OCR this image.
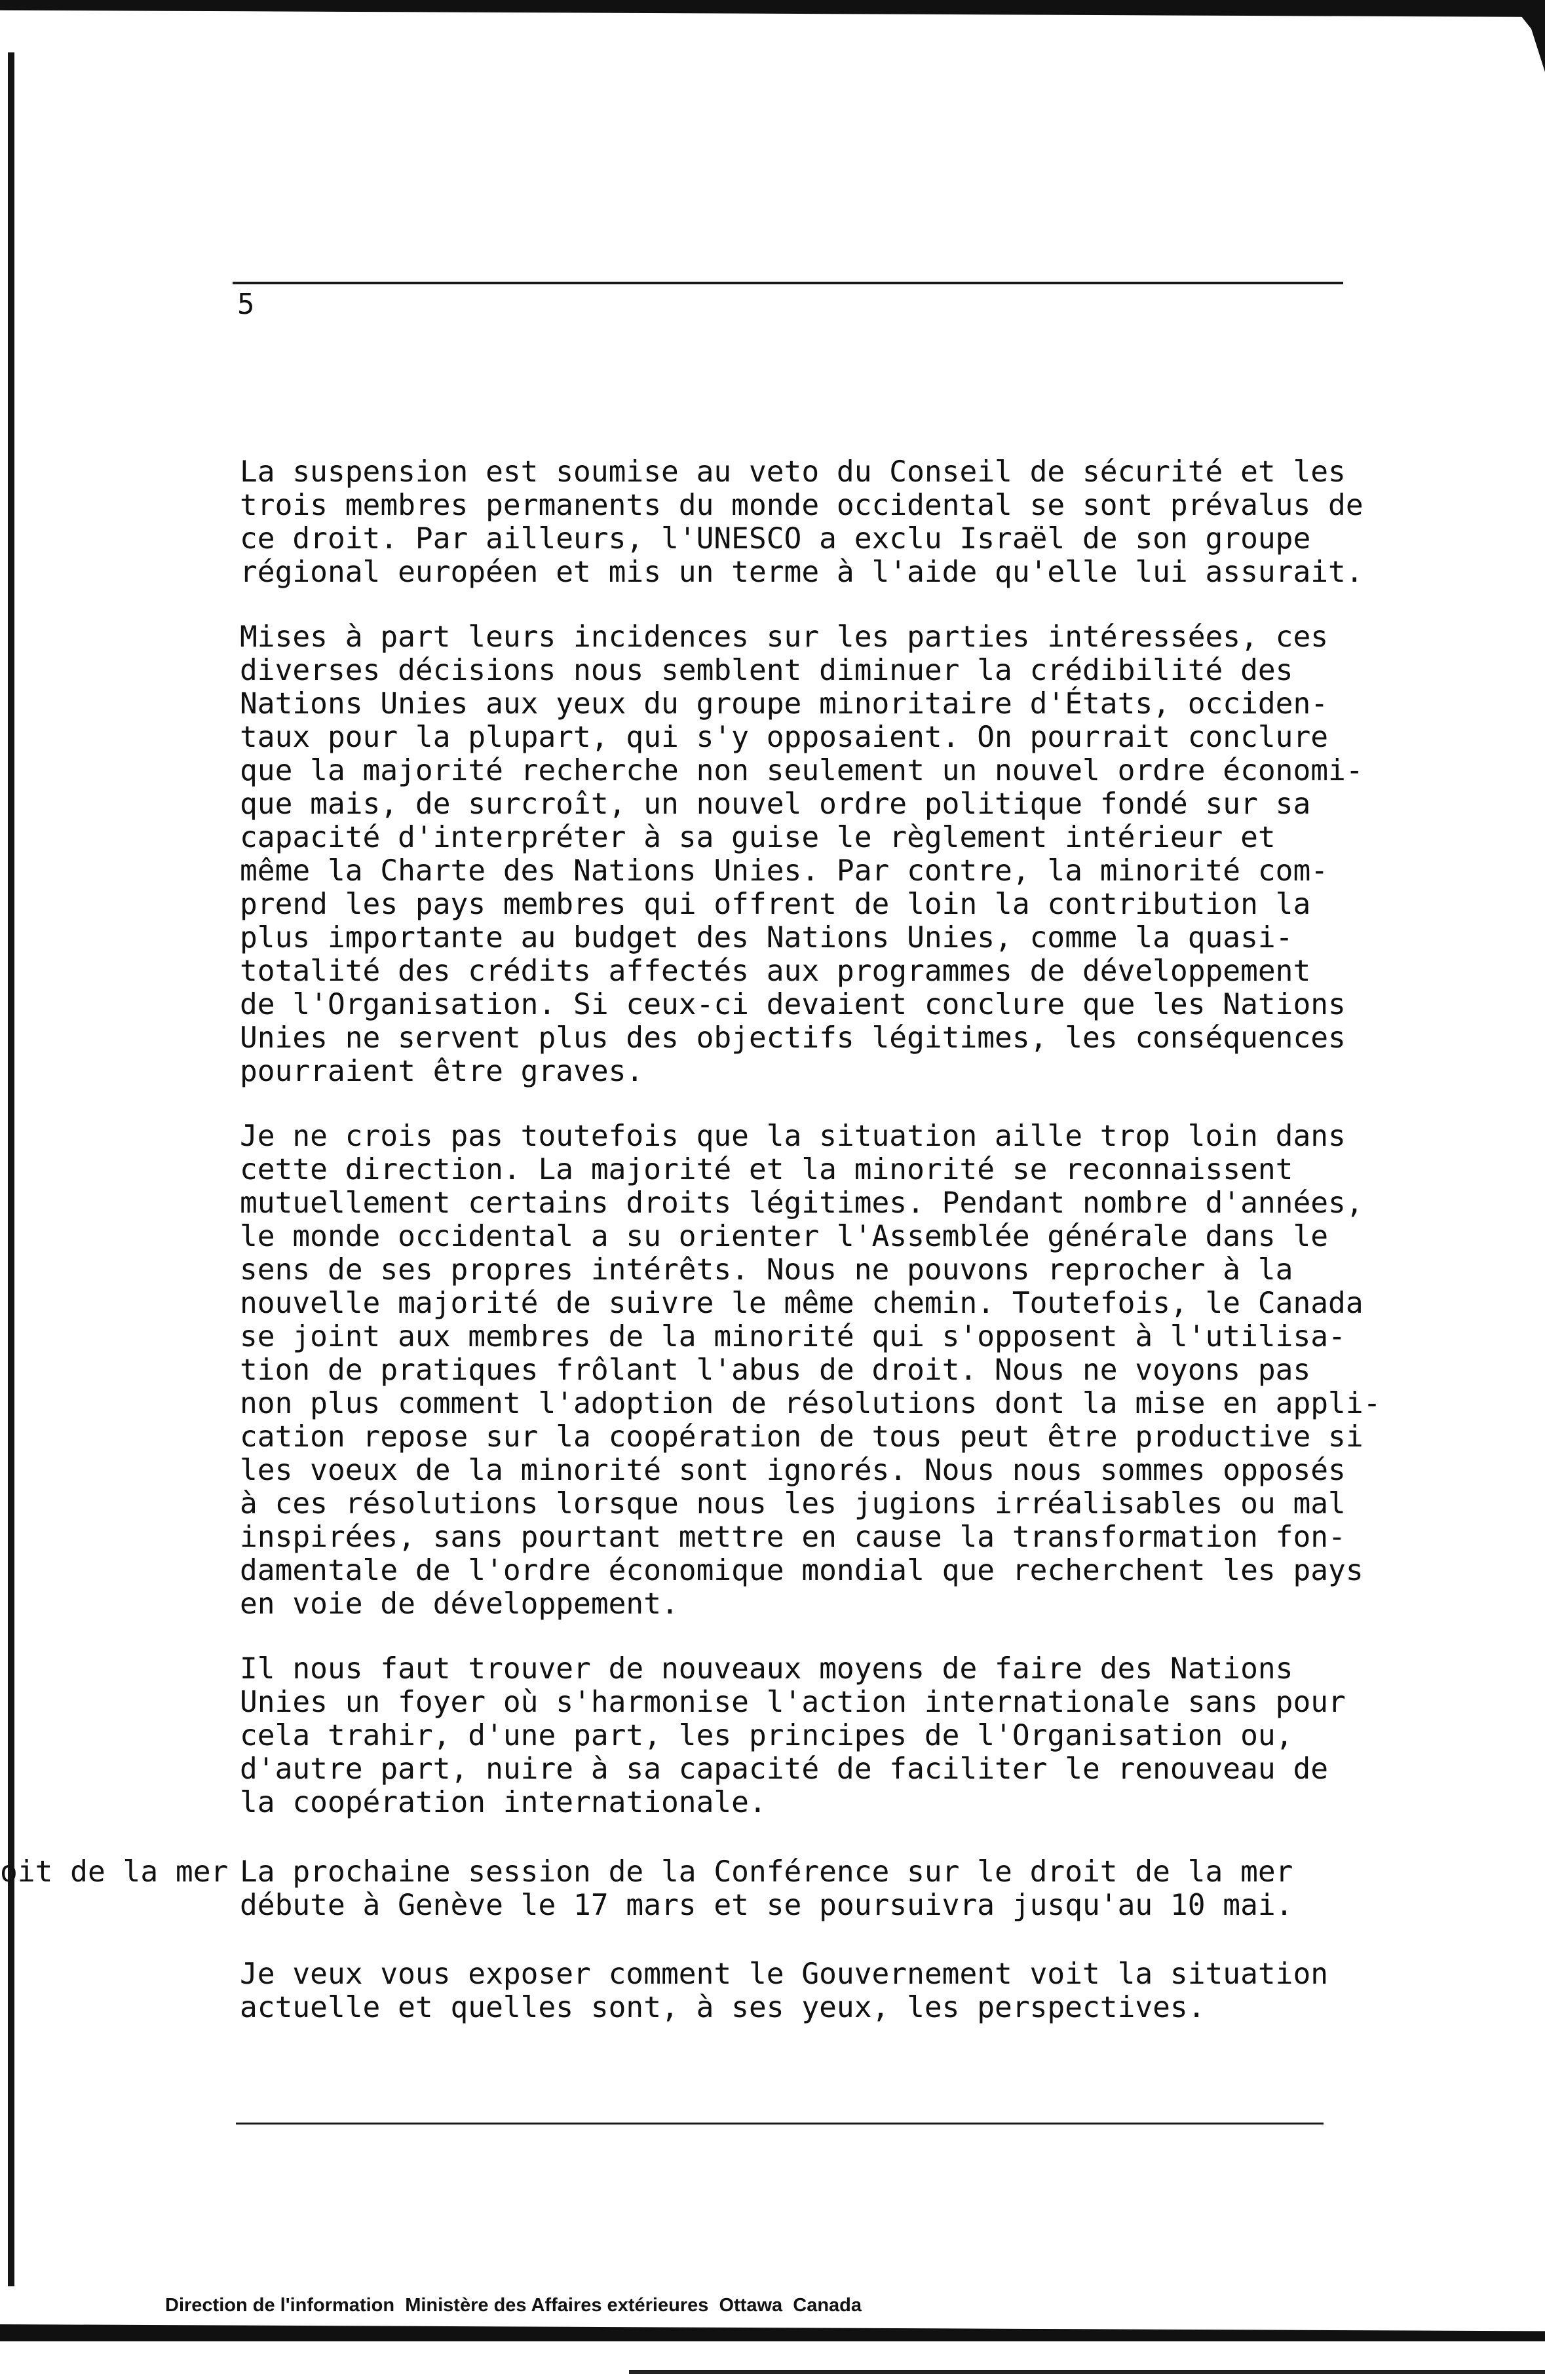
5

La suspension est soumise au veto du Conseil de sécurité et les
trois membres permanents du monde occidental se sont prévalus de
ce droit. Par ailleurs, l'UNESCO a exclu Israël de son groupe
régional européen et mis un terme à l'aide qu'elle lui assurait.

Mises à part leurs incidences sur les parties intéressées, ces
diverses décisions nous semblent diminuer la crédibilité des
Nations Unies aux yeux du groupe minoritaire d'États, occiden-
taux pour la plupart, qui s'y opposaient. On pourrait conclure
que la majorité recherche non seulement un nouvel ordre économi-
que mais, de surcroît, un nouvel ordre politique fondé sur sa
capacité d'interpréter à sa guise le règlement intérieur et
même la Charte des Nations Unies. Par contre, la minorité com-
prend les pays membres qui offrent de loin la contribution la
plus importante au budget des Nations Unies, comme la quasi-
totalité des crédits affectés aux programmes de développement
de l'Organisation. Si ceux-ci devaient conclure que les Nations
Unies ne servent plus des objectifs légitimes, les conséquences
pourraient être graves.

Je ne crois pas toutefois que la situation aille trop loin dans
cette direction. La majorité et la minorité se reconnaissent
mutuellement certains droits légitimes. Pendant nombre d'années,
le monde occidental a su orienter l'Assemblée générale dans le
sens de ses propres intérêts. Nous ne pouvons reprocher à la
nouvelle majorité de suivre le même chemin. Toutefois, le Canada
se joint aux membres de la minorité qui s'opposent à l'utilisa-
tion de pratiques frôlant l'abus de droit. Nous ne voyons pas
non plus comment l'adoption de résolutions dont la mise en appli-
cation repose sur la coopération de tous peut être productive si
les voeux de la minorité sont ignorés. Nous nous sommes opposés
à ces résolutions lorsque nous les jugions irréalisables ou mal
inspirées, sans pourtant mettre en cause la transformation fon-
damentale de l'ordre économique mondial que recherchent les pays
en voie de développement.

Il nous faut trouver de nouveaux moyens de faire des Nations
Unies un foyer où s'harmonise l'action internationale sans pour
cela trahir, d'une part, les principes de l'Organisation ou,
d'autre part, nuire à sa capacité de faciliter le renouveau de
la coopération internationale.

oit de la mer La prochaine session de la Conférence sur le droit de la mer
débute à Genève le 17 mars et se poursuivra jusqu'au 10 mai.

Je veux vous exposer comment le Gouvernement voit la situation
actuelle et quelles sont, à ses yeux, les perspectives.

Direction de l'information  Ministère des Affaires extérieures  Ottawa  Canada
